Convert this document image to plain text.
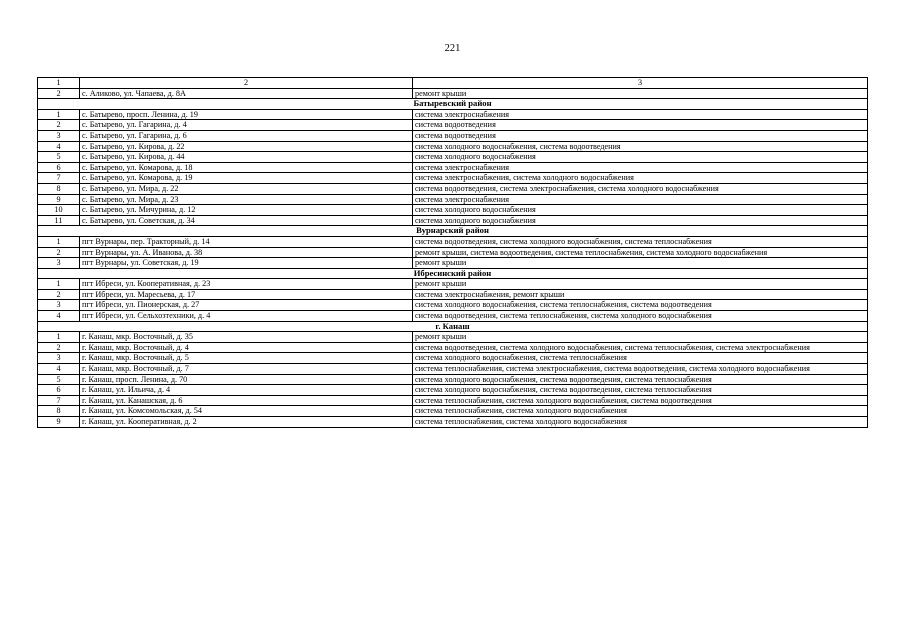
221
1	2	3
2	с. Аликово, ул. Чапаева, д. 8А	ремонт крыши
Батыревский район		
1	с. Батырево, просп. Ленина, д. 19	система электроснабжения
2	с. Батырево, ул. Гагарина, д. 4	система водоотведения
3	с. Батырево, ул. Гагарина, д. 6	система водоотведения
4	с. Батырево, ул. Кирова, д. 22	система холодного водоснабжения, система водоотведения
5	с. Батырево, ул. Кирова, д. 44	система холодного водоснабжения
6	с. Батырево, ул. Комарова, д. 18	система электроснабжения
7	с. Батырево, ул. Комарова, д. 19	система электроснабжения, система холодного водоснабжения
8	с. Батырево, ул. Мира, д. 22	система водоотведения, система электроснабжения, система холодного водоснабжения
9	с. Батырево, ул. Мира, д. 23	система электроснабжения
10	с. Батырево, ул. Мичурина, д. 12	система холодного водоснабжения
11	с. Батырево, ул. Советская, д. 34	система холодного водоснабжения
Вурнарский район		
1	пгт Вурнары, пер. Тракторный, д. 14	система водоотведения, система холодного водоснабжения, система теплоснабжения
2	пгт Вурнары, ул. А. Иванова, д. 38	ремонт крыши, система водоотведения, система теплоснабжения, система холодного водоснабжения
3	пгт Вурнары, ул. Советская, д. 19	ремонт крыши
Ибресинский район		
1	пгт Ибреси, ул. Кооперативная, д. 23	ремонт крыши
2	пгт Ибреси, ул. Маресьева, д. 17	система электроснабжения, ремонт крыши
3	пгт Ибреси, ул. Пионерская, д. 27	система холодного водоснабжения, система теплоснабжения, система водоотведения
4	пгт Ибреси, ул. Сельхозтехники, д. 4	система водоотведения, система теплоснабжения, система холодного водоснабжения
г. Канаш		
1	г. Канаш, мкр. Восточный, д. 35	ремонт крыши
2	г. Канаш, мкр. Восточный, д. 4	система водоотведения, система холодного водоснабжения, система теплоснабжения, система электроснабжения
3	г. Канаш, мкр. Восточный, д. 5	система холодного водоснабжения, система теплоснабжения
4	г. Канаш, мкр. Восточный, д. 7	система теплоснабжения, система электроснабжения, система водоотведения, система холодного водоснабжения
5	г. Канаш, просп. Ленина, д. 70	система холодного водоснабжения, система водоотведения, система теплоснабжения
6	г. Канаш, ул. Ильича, д. 4	система холодного водоснабжения, система водоотведения, система теплоснабжения
7	г. Канаш, ул. Канашская, д. 6	система теплоснабжения, система холодного водоснабжения, система водоотведения
8	г. Канаш, ул. Комсомольская, д. 54	система теплоснабжения, система холодного водоснабжения
9	г. Канаш, ул. Кооперативная, д. 2	система теплоснабжения, система холодного водоснабжения
